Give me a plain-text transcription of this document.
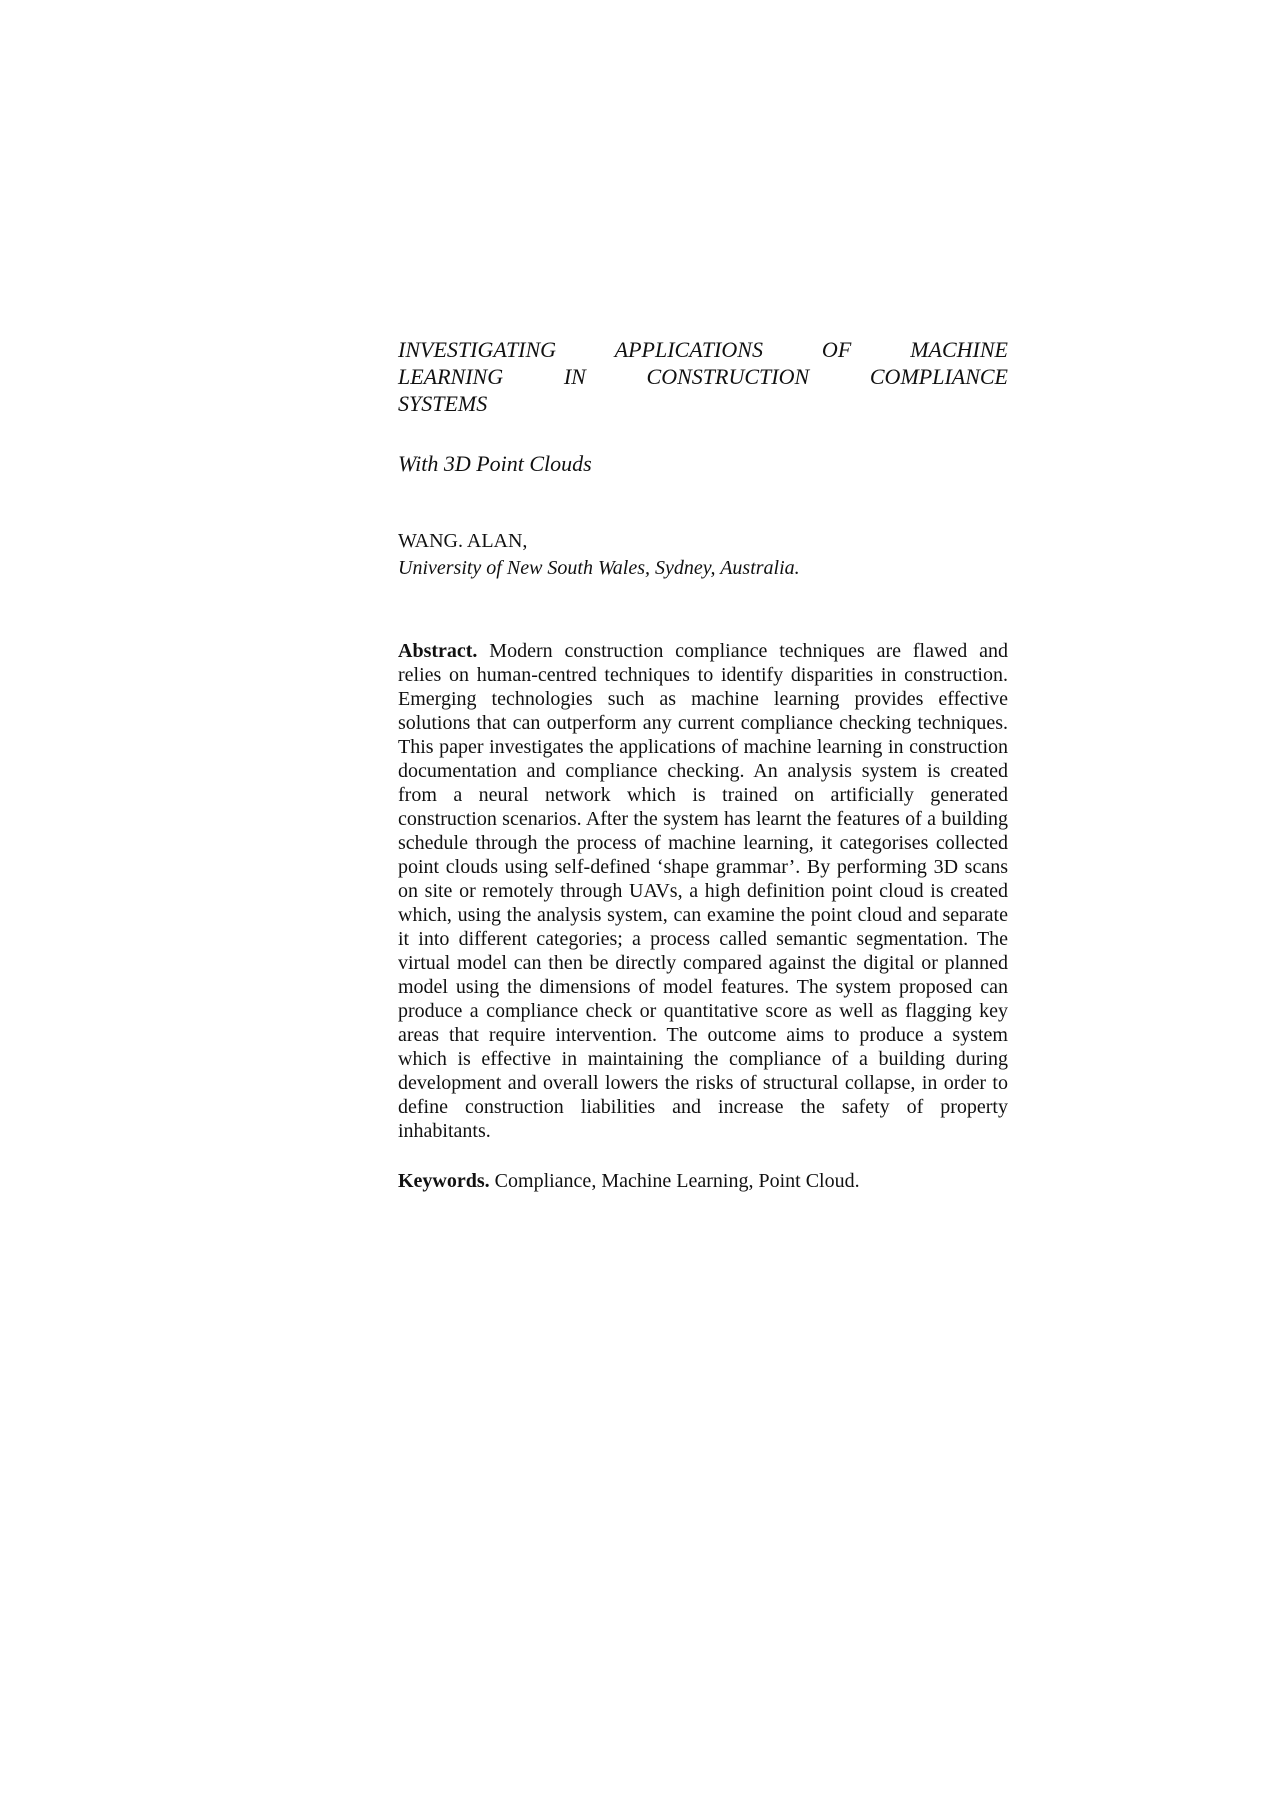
INVESTIGATING APPLICATIONS OF MACHINE
LEARNING IN CONSTRUCTION COMPLIANCE
SYSTEMS

With 3D Point Clouds

WANG. ALAN,

University of New South Wales, Sydney, Australia.

Abstract. Modern construction compliance techniques are flawed and relies on human-centred techniques to identify disparities in construction. Emerging technologies such as machine learning provides effective solutions that can outperform any current compliance checking techniques. This paper investigates the applications of machine learning in construction documentation and compliance checking. An analysis system is created from a neural network which is trained on artificially generated construction scenarios. After the system has learnt the features of a building schedule through the process of machine learning, it categorises collected point clouds using self-defined ‘shape grammar’. By performing 3D scans on site or remotely through UAVs, a high definition point cloud is created which, using the analysis system, can examine the point cloud and separate it into different categories; a process called semantic segmentation. The virtual model can then be directly compared against the digital or planned model using the dimensions of model features. The system proposed can produce a compliance check or quantitative score as well as flagging key areas that require intervention. The outcome aims to produce a system which is effective in maintaining the compliance of a building during development and overall lowers the risks of structural collapse, in order to define construction liabilities and increase the safety of property inhabitants.

Keywords. Compliance, Machine Learning, Point Cloud.
